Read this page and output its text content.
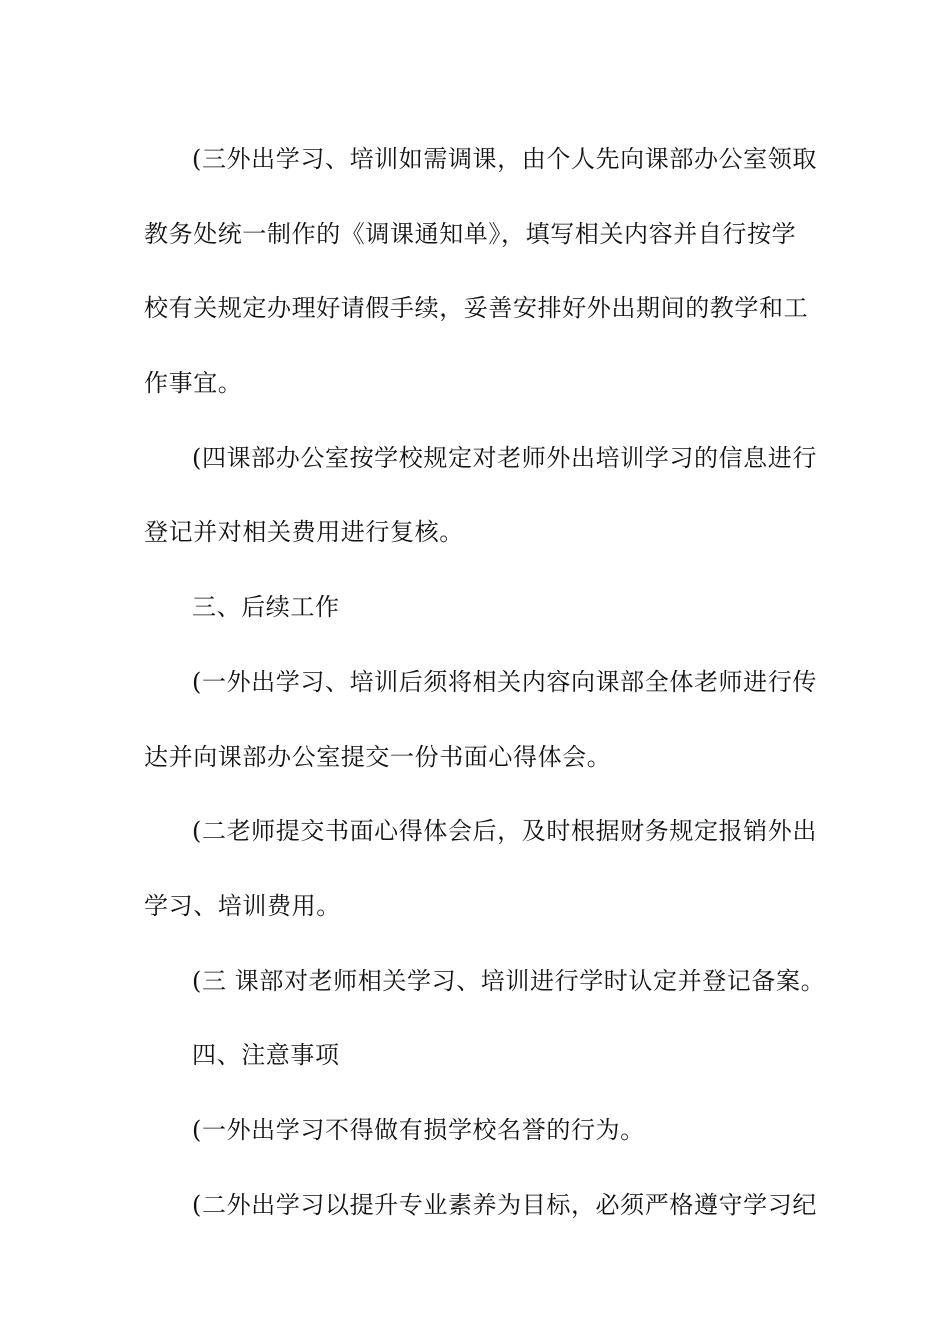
(三外出学习、培训如需调课，由个人先向课部办公室领取
教务处统一制作的《调课通知单》，填写相关内容并自行按学
校有关规定办理好请假手续，妥善安排好外出期间的教学和工
作事宜。
(四课部办公室按学校规定对老师外出培训学习的信息进行
登记并对相关费用进行复核。
三、后续工作
(一外出学习、培训后须将相关内容向课部全体老师进行传
达并向课部办公室提交一份书面心得体会。
(二老师提交书面心得体会后，及时根据财务规定报销外出
学习、培训费用。
(三 课部对老师相关学习、培训进行学时认定并登记备案。
四、注意事项
(一外出学习不得做有损学校名誉的行为。
(二外出学习以提升专业素养为目标，必须严格遵守学习纪
